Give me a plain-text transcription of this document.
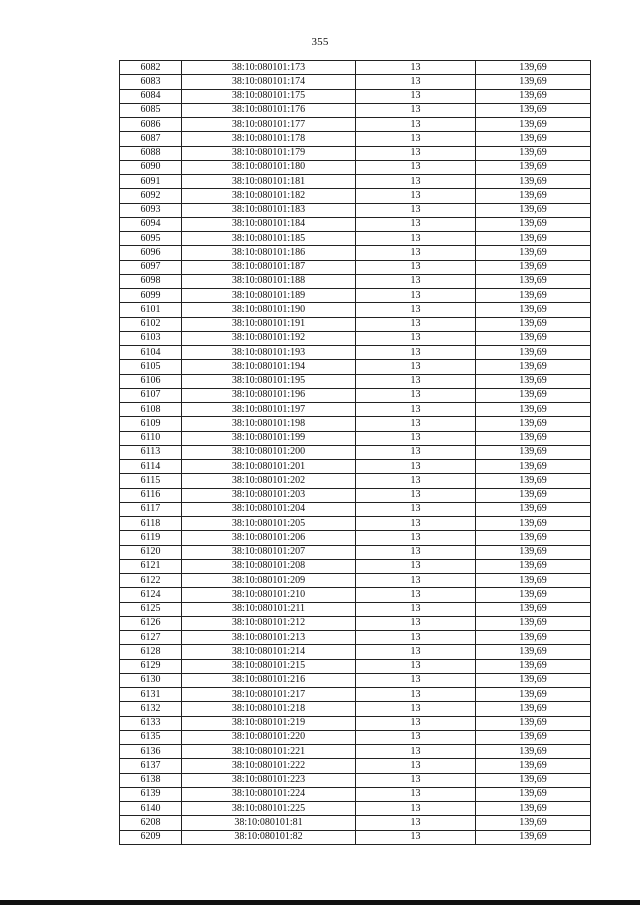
355
6082	38:10:080101:173	13	139,69
6083	38:10:080101:174	13	139,69
6084	38:10:080101:175	13	139,69
6085	38:10:080101:176	13	139,69
6086	38:10:080101:177	13	139,69
6087	38:10:080101:178	13	139,69
6088	38:10:080101:179	13	139,69
6090	38:10:080101:180	13	139,69
6091	38:10:080101:181	13	139,69
6092	38:10:080101:182	13	139,69
6093	38:10:080101:183	13	139,69
6094	38:10:080101:184	13	139,69
6095	38:10:080101:185	13	139,69
6096	38:10:080101:186	13	139,69
6097	38:10:080101:187	13	139,69
6098	38:10:080101:188	13	139,69
6099	38:10:080101:189	13	139,69
6101	38:10:080101:190	13	139,69
6102	38:10:080101:191	13	139,69
6103	38:10:080101:192	13	139,69
6104	38:10:080101:193	13	139,69
6105	38:10:080101:194	13	139,69
6106	38:10:080101:195	13	139,69
6107	38:10:080101:196	13	139,69
6108	38:10:080101:197	13	139,69
6109	38:10:080101:198	13	139,69
6110	38:10:080101:199	13	139,69
6113	38:10:080101:200	13	139,69
6114	38:10:080101:201	13	139,69
6115	38:10:080101:202	13	139,69
6116	38:10:080101:203	13	139,69
6117	38:10:080101:204	13	139,69
6118	38:10:080101:205	13	139,69
6119	38:10:080101:206	13	139,69
6120	38:10:080101:207	13	139,69
6121	38:10:080101:208	13	139,69
6122	38:10:080101:209	13	139,69
6124	38:10:080101:210	13	139,69
6125	38:10:080101:211	13	139,69
6126	38:10:080101:212	13	139,69
6127	38:10:080101:213	13	139,69
6128	38:10:080101:214	13	139,69
6129	38:10:080101:215	13	139,69
6130	38:10:080101:216	13	139,69
6131	38:10:080101:217	13	139,69
6132	38:10:080101:218	13	139,69
6133	38:10:080101:219	13	139,69
6135	38:10:080101:220	13	139,69
6136	38:10:080101:221	13	139,69
6137	38:10:080101:222	13	139,69
6138	38:10:080101:223	13	139,69
6139	38:10:080101:224	13	139,69
6140	38:10:080101:225	13	139,69
6208	38:10:080101:81	13	139,69
6209	38:10:080101:82	13	139,69
